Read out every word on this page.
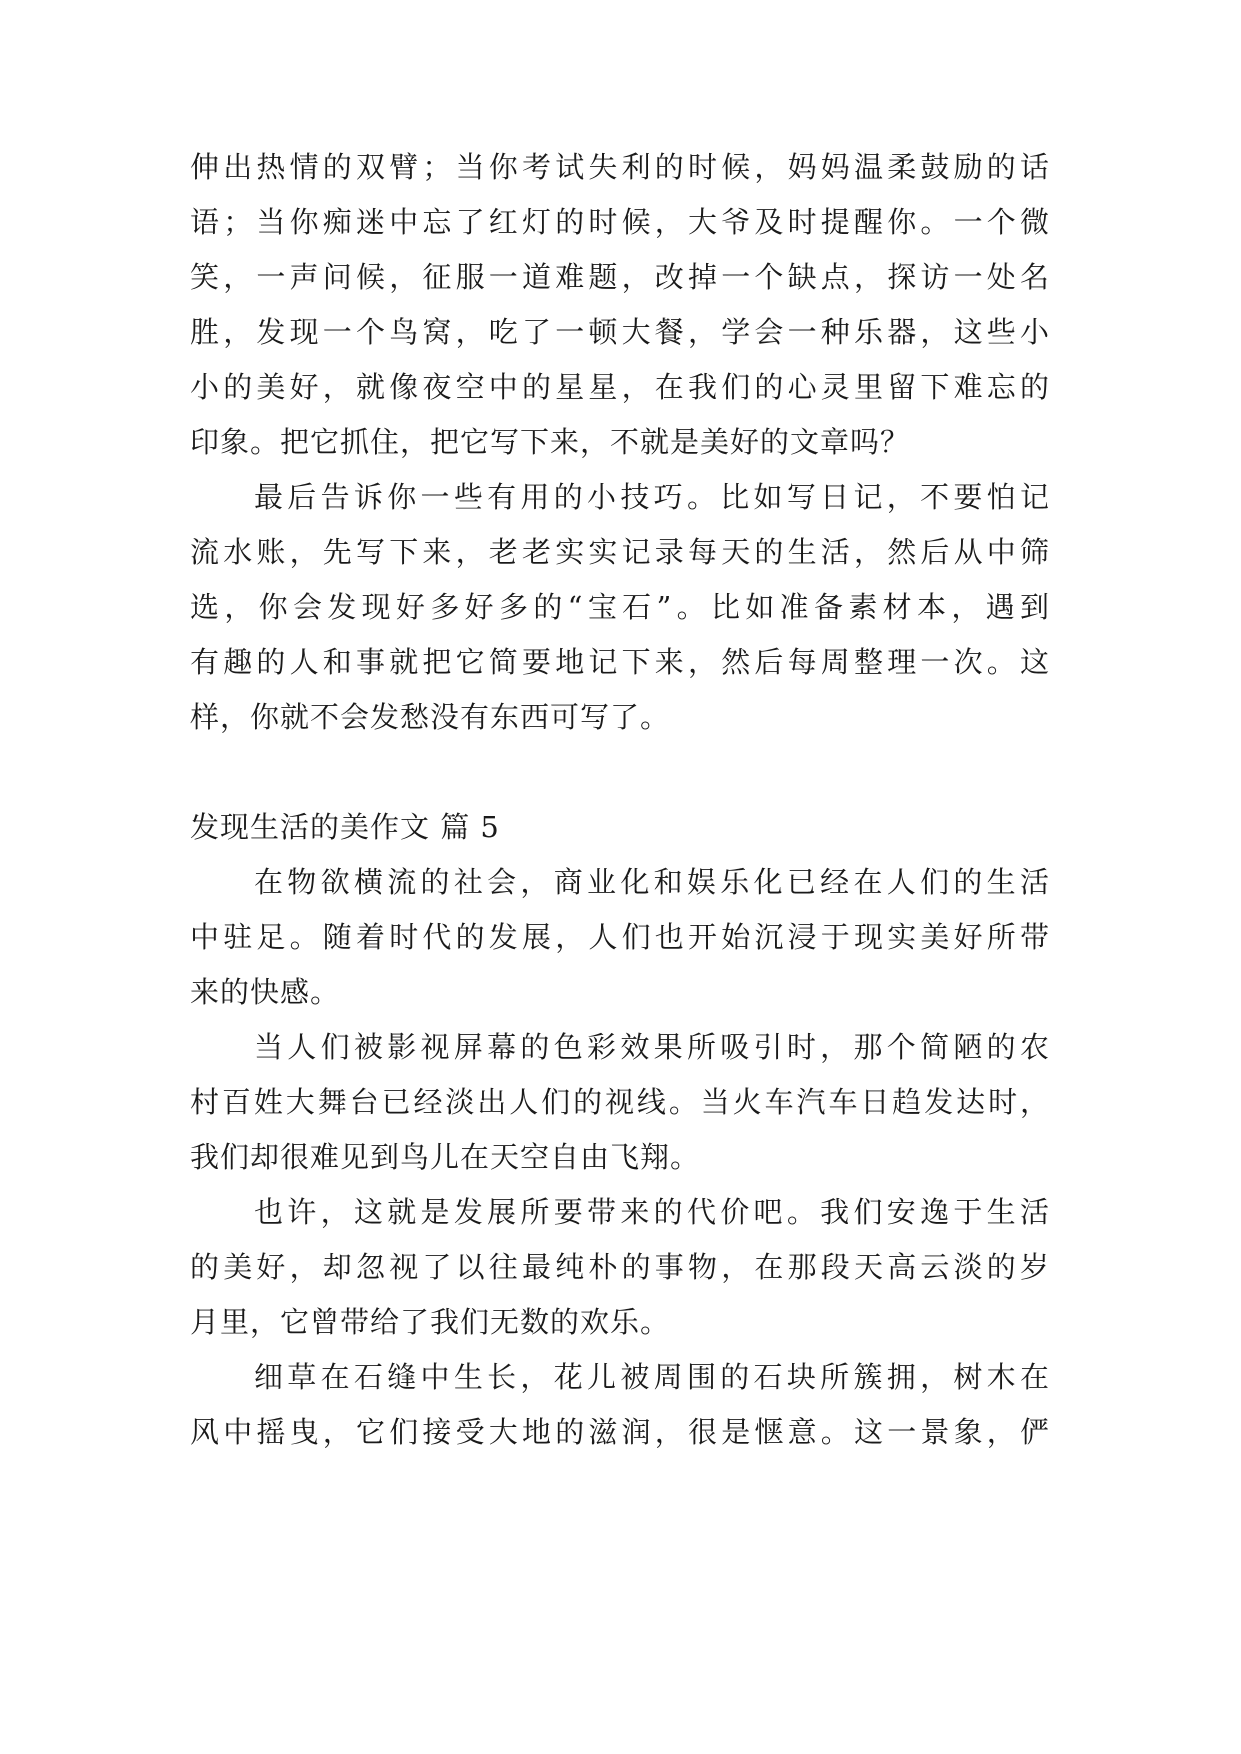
伸出热情的双臂；当你考试失利的时候，妈妈温柔鼓励的话
语；当你痴迷中忘了红灯的时候，大爷及时提醒你。一个微
笑，一声问候，征服一道难题，改掉一个缺点，探访一处名
胜，发现一个鸟窝，吃了一顿大餐，学会一种乐器，这些小
小的美好，就像夜空中的星星，在我们的心灵里留下难忘的
印象。把它抓住，把它写下来，不就是美好的文章吗？
最后告诉你一些有用的小技巧。比如写日记，不要怕记
流水账，先写下来，老老实实记录每天的生活，然后从中筛
选，你会发现好多好多的“宝石”。比如准备素材本，遇到
有趣的人和事就把它简要地记下来，然后每周整理一次。这
样，你就不会发愁没有东西可写了。
发现生活的美作文 篇 5
在物欲横流的社会，商业化和娱乐化已经在人们的生活
中驻足。随着时代的发展，人们也开始沉浸于现实美好所带
来的快感。
当人们被影视屏幕的色彩效果所吸引时，那个简陋的农
村百姓大舞台已经淡出人们的视线。当火车汽车日趋发达时，
我们却很难见到鸟儿在天空自由飞翔。
也许，这就是发展所要带来的代价吧。我们安逸于生活
的美好，却忽视了以往最纯朴的事物，在那段天高云淡的岁
月里，它曾带给了我们无数的欢乐。
细草在石缝中生长，花儿被周围的石块所簇拥，树木在
风中摇曳，它们接受大地的滋润，很是惬意。这一景象，俨
